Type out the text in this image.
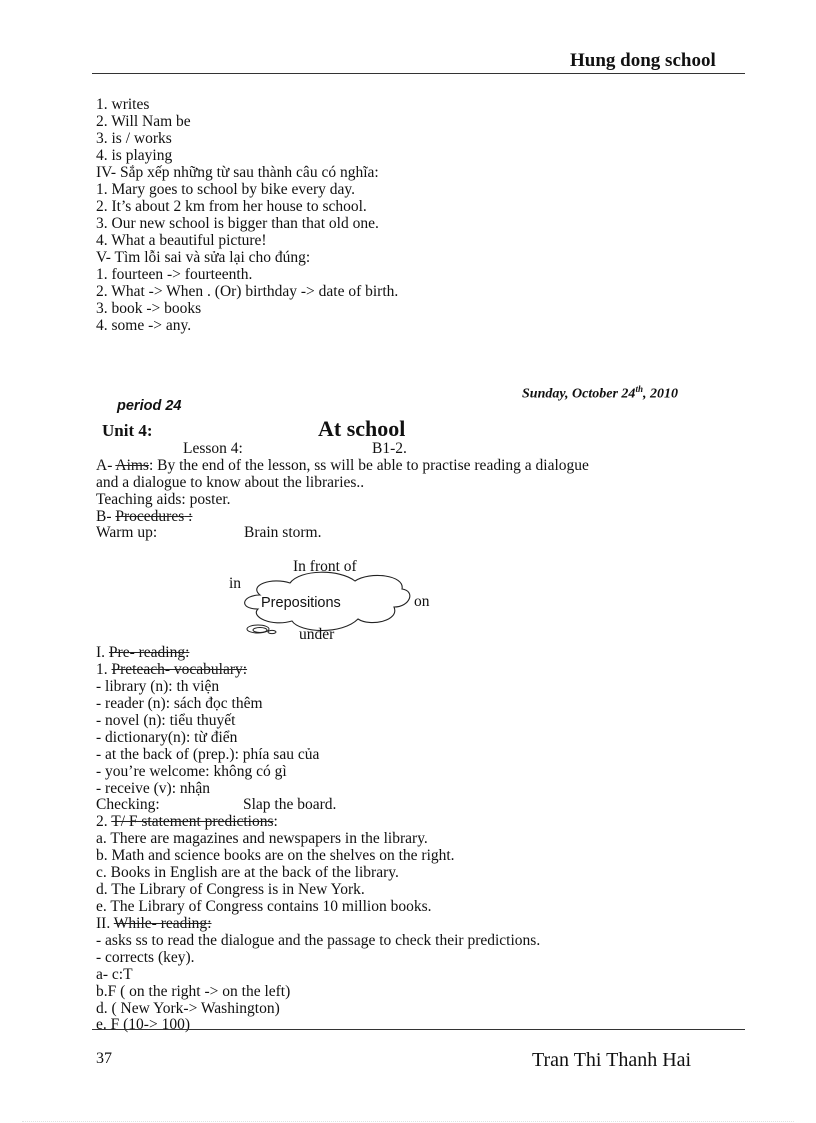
Hung dong school
1. writes
2. Will Nam be
3. is / works
4. is playing
IV- Sắp xếp những từ sau thành câu có nghĩa:
1. Mary goes to school by bike every day.
2. It’s about 2 km from her house to school.
3. Our new school is bigger than that old one.
4. What a beautiful picture!
V- Tìm lỗi sai và sửa lại cho đúng:
1. fourteen -> fourteenth.
2. What -> When . (Or) birthday -> date of birth.
3. book -> books
4. some -> any.
Sunday, October 24th, 2010
period 24
Unit 4:	At school
Lesson 4:	B1-2.
A- Aims: By the end of the lesson, ss will be able to practise reading a dialogue
and a dialogue to know about the libraries..
Teaching aids: poster.
B- Procedures :
Warm up:	Brain storm.
Prepositions
In front of
in
on
under
I. Pre- reading:
1. Preteach- vocabulary:
- library (n): th viện
- reader (n): sách đọc thêm
- novel (n): tiểu thuyết
- dictionary(n): từ điển
- at the back of (prep.): phía sau của
- you’re welcome: không có gì
- receive (v): nhận
Checking:	Slap the board.
2. T/ F statement predictions:
a. There are magazines and newspapers in the library.
b. Math and science books are on the shelves on the right.
c. Books in English are at the back of the library.
d. The Library of Congress is in New York.
e. The Library of Congress contains 10 million books.
II. While- reading:
- asks ss to read the dialogue and the passage to check their predictions.
- corrects (key).
a- c:T
b.F ( on the right -> on the left)
d. ( New York-> Washington)
e. F (10-> 100)
37	Tran Thi Thanh Hai
